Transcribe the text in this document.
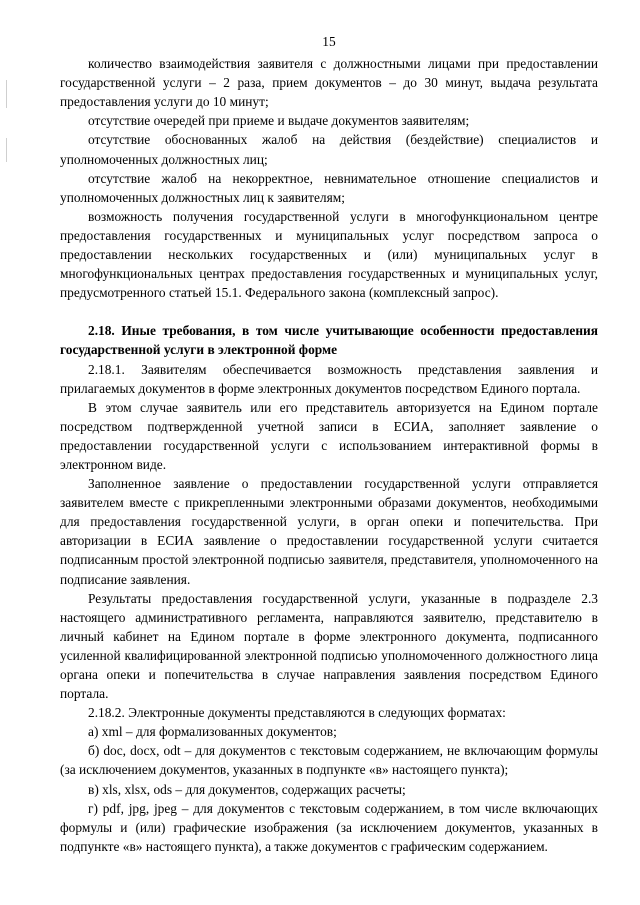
15

количество взаимодействия заявителя с должностными лицами при предоставлении государственной услуги – 2 раза, прием документов – до 30 минут, выдача результата предоставления услуги до 10 минут;

отсутствие очередей при приеме и выдаче документов заявителям;

отсутствие обоснованных жалоб на действия (бездействие) специалистов и уполномоченных должностных лиц;

отсутствие жалоб на некорректное, невнимательное отношение специалистов и уполномоченных должностных лиц к заявителям;

возможность получения государственной услуги в многофункциональном центре предоставления государственных и муниципальных услуг посредством запроса о предоставлении нескольких государственных и (или) муниципальных услуг в многофункциональных центрах предоставления государственных и муниципальных услуг, предусмотренного статьей 15.1. Федерального закона (комплексный запрос).

2.18. Иные требования, в том числе учитывающие особенности предоставления государственной услуги в электронной форме

2.18.1. Заявителям обеспечивается возможность представления заявления и прилагаемых документов в форме электронных документов посредством Единого портала.

В этом случае заявитель или его представитель авторизуется на Едином портале посредством подтвержденной учетной записи в ЕСИА, заполняет заявление о предоставлении государственной услуги с использованием интерактивной формы в электронном виде.

Заполненное заявление о предоставлении государственной услуги отправляется заявителем вместе с прикрепленными электронными образами документов, необходимыми для предоставления государственной услуги, в орган опеки и попечительства. При авторизации в ЕСИА заявление о предоставлении государственной услуги считается подписанным простой электронной подписью заявителя, представителя, уполномоченного на подписание заявления.

Результаты предоставления государственной услуги, указанные в подразделе 2.3 настоящего административного регламента, направляются заявителю, представителю в личный кабинет на Едином портале в форме электронного документа, подписанного усиленной квалифицированной электронной подписью уполномоченного должностного лица органа опеки и попечительства в случае направления заявления посредством Единого портала.

2.18.2. Электронные документы представляются в следующих форматах:

а) xml – для формализованных документов;

б) doc, docx, odt – для документов с текстовым содержанием, не включающим формулы (за исключением документов, указанных в подпункте «в» настоящего пункта);

в) xls, xlsx, ods – для документов, содержащих расчеты;

г) pdf, jpg, jpeg – для документов с текстовым содержанием, в том числе включающих формулы и (или) графические изображения (за исключением документов, указанных в подпункте «в» настоящего пункта), а также документов с графическим содержанием.
